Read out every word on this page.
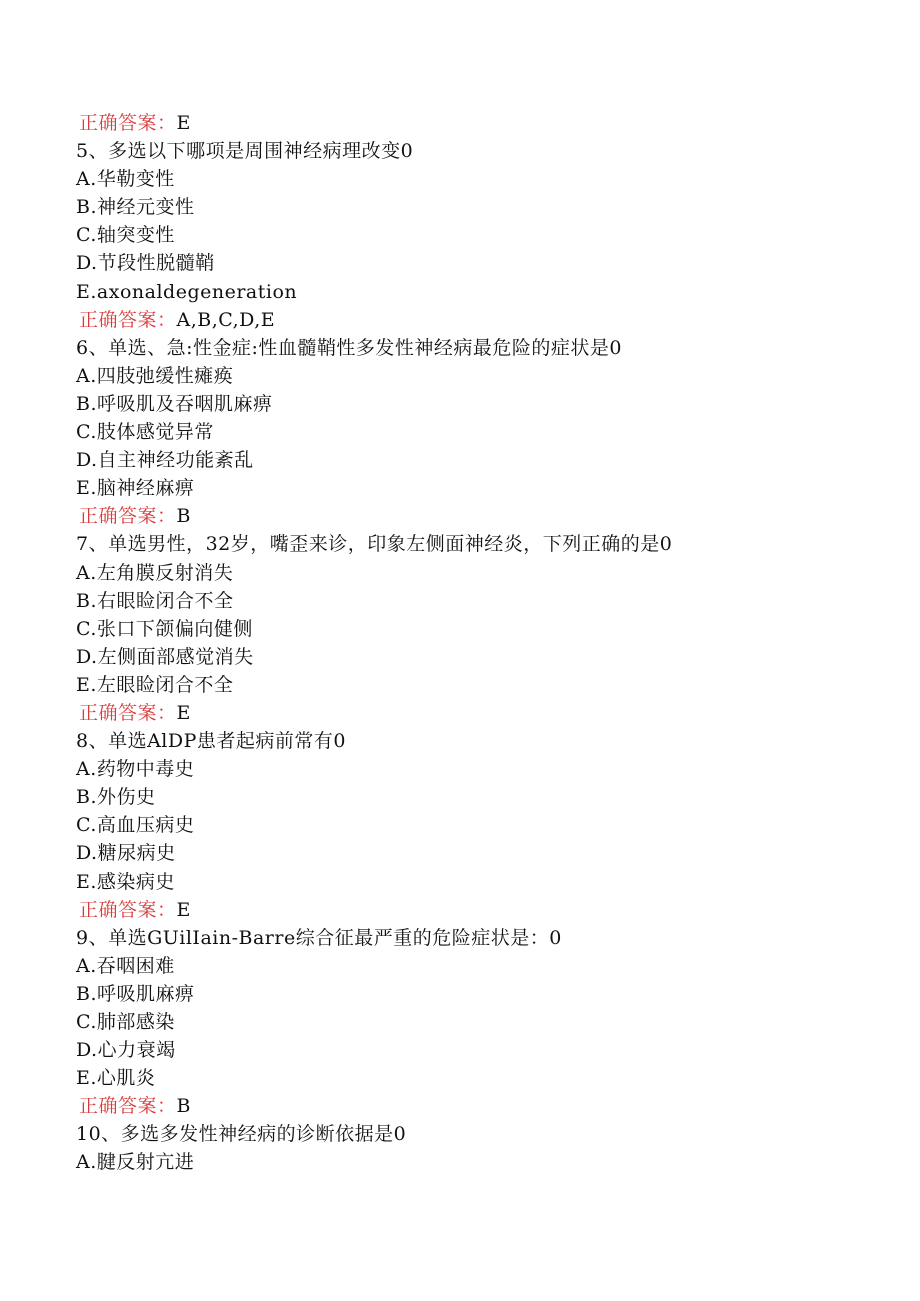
正确答案：E
5、多选以下哪项是周围神经病理改变0
A.华勒变性
B.神经元变性
C.轴突变性
D.节段性脱髓鞘
E.axonaldegeneration
正确答案：A,B,C,D,E
6、单选、急:性金症:性血髓鞘性多发性神经病最危险的症状是0
A.四肢弛缓性瘫痪
B.呼吸肌及吞咽肌麻痹
C.肢体感觉异常
D.自主神经功能紊乱
E.脑神经麻痹
正确答案：B
7、单选男性，32岁，嘴歪来诊，印象左侧面神经炎，下列正确的是0
A.左角膜反射消失
B.右眼睑闭合不全
C.张口下颌偏向健侧
D.左侧面部感觉消失
E.左眼睑闭合不全
正确答案：E
8、单选AlDP患者起病前常有0
A.药物中毒史
B.外伤史
C.高血压病史
D.糖尿病史
E.感染病史
正确答案：E
9、单选GUilIain-Barre综合征最严重的危险症状是：0
A.吞咽困难
B.呼吸肌麻痹
C.肺部感染
D.心力衰竭
E.心肌炎
正确答案：B
10、多选多发性神经病的诊断依据是0
A.腱反射亢进
